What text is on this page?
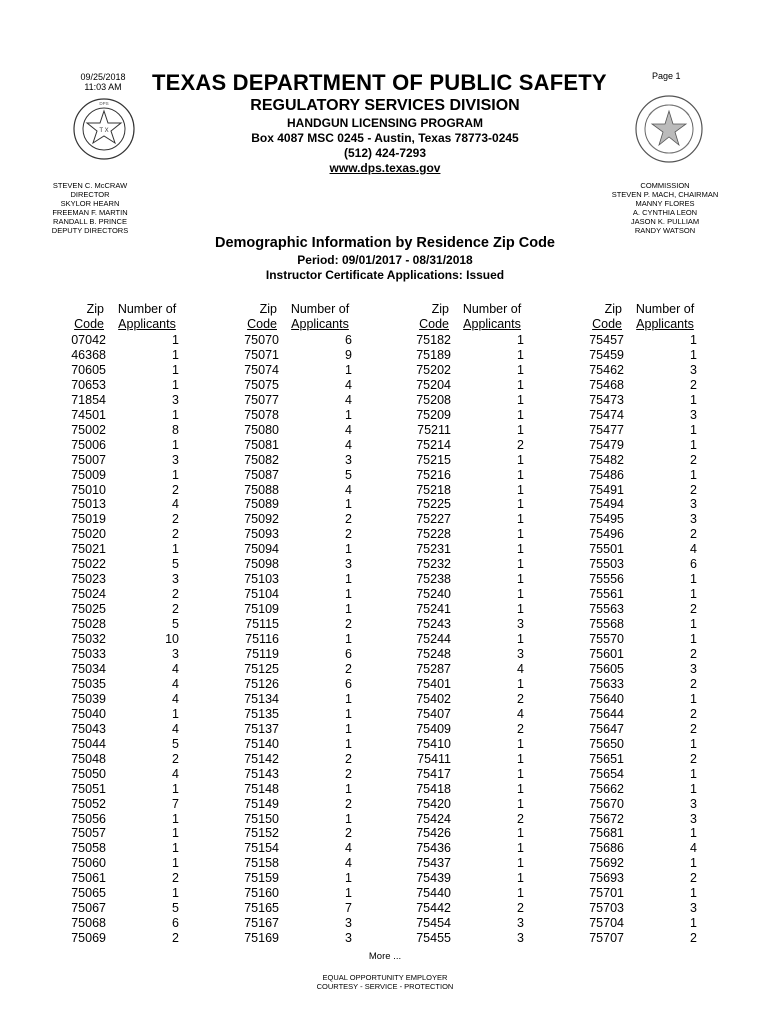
09/25/2018
11:03 AM
Page 1
T X
DPS
TEXAS DEPARTMENT OF PUBLIC SAFETY
REGULATORY SERVICES DIVISION
HANDGUN LICENSING PROGRAM
Box 4087 MSC 0245 - Austin, Texas 78773-0245
(512) 424-7293
www.dps.texas.gov
STEVEN C. McCRAW
DIRECTOR
SKYLOR HEARN
FREEMAN F. MARTIN
RANDALL B. PRINCE
DEPUTY DIRECTORS
COMMISSION
STEVEN P. MACH, CHAIRMAN
MANNY FLORES
A. CYNTHIA LEON
JASON K. PULLIAM
RANDY WATSON
Demographic Information by Residence Zip Code
Period: 09/01/2017 - 08/31/2018
Instructor Certificate Applications: Issued
Zip
Code
Number of
Applicants
Zip
Code
Number of
Applicants
Zip
Code
Number of
Applicants
Zip
Code
Number of
Applicants
07042	1
46368	1
70605	1
70653	1
71854	3
74501	1
75002	8
75006	1
75007	3
75009	1
75010	2
75013	4
75019	2
75020	2
75021	1
75022	5
75023	3
75024	2
75025	2
75028	5
75032	10
75033	3
75034	4
75035	4
75039	4
75040	1
75043	4
75044	5
75048	2
75050	4
75051	1
75052	7
75056	1
75057	1
75058	1
75060	1
75061	2
75065	1
75067	5
75068	6
75069	2
75070	6
75071	9
75074	1
75075	4
75077	4
75078	1
75080	4
75081	4
75082	3
75087	5
75088	4
75089	1
75092	2
75093	2
75094	1
75098	3
75103	1
75104	1
75109	1
75115	2
75116	1
75119	6
75125	2
75126	6
75134	1
75135	1
75137	1
75140	1
75142	2
75143	2
75148	1
75149	2
75150	1
75152	2
75154	4
75158	4
75159	1
75160	1
75165	7
75167	3
75169	3
75182	1
75189	1
75202	1
75204	1
75208	1
75209	1
75211	1
75214	2
75215	1
75216	1
75218	1
75225	1
75227	1
75228	1
75231	1
75232	1
75238	1
75240	1
75241	1
75243	3
75244	1
75248	3
75287	4
75401	1
75402	2
75407	4
75409	2
75410	1
75411	1
75417	1
75418	1
75420	1
75424	2
75426	1
75436	1
75437	1
75439	1
75440	1
75442	2
75454	3
75455	3
75457	1
75459	1
75462	3
75468	2
75473	1
75474	3
75477	1
75479	1
75482	2
75486	1
75491	2
75494	3
75495	3
75496	2
75501	4
75503	6
75556	1
75561	1
75563	2
75568	1
75570	1
75601	2
75605	3
75633	2
75640	1
75644	2
75647	2
75650	1
75651	2
75654	1
75662	1
75670	3
75672	3
75681	1
75686	4
75692	1
75693	2
75701	1
75703	3
75704	1
75707	2
More ...
EQUAL OPPORTUNITY EMPLOYER
COURTESY - SERVICE - PROTECTION
